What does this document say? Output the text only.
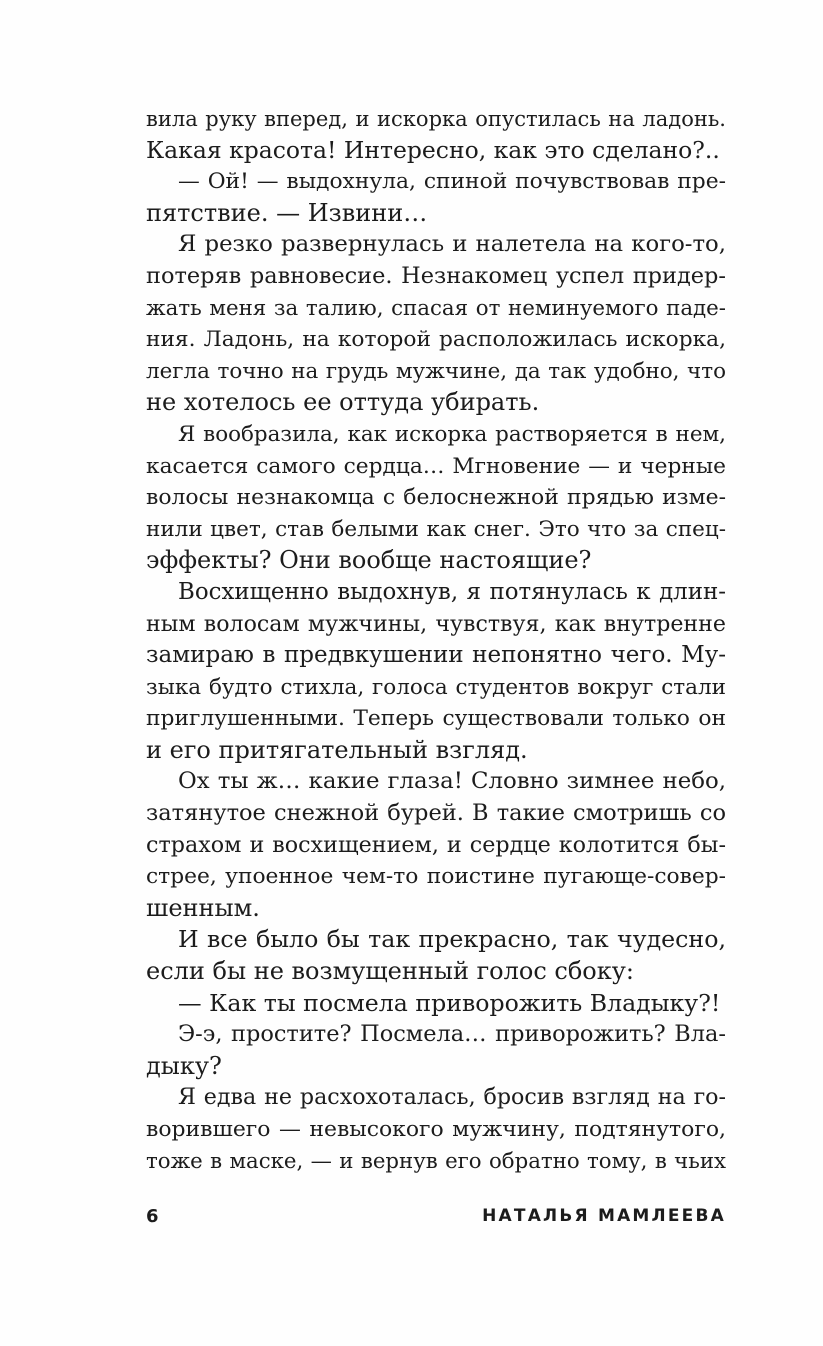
вила руку вперед, и искорка опустилась на ладонь.
Какая красота! Интересно, как это сделано?..
— Ой! — выдохнула, спиной почувствовав пре-
пятствие. — Извини…
Я резко развернулась и налетела на кого-то,
потеряв равновесие. Незнакомец успел придер-
жать меня за талию, спасая от неминуемого паде-
ния. Ладонь, на которой расположилась искорка,
легла точно на грудь мужчине, да так удобно, что
не хотелось ее оттуда убирать.
Я вообразила, как искорка растворяется в нем,
касается самого сердца… Мгновение — и черные
волосы незнакомца с белоснежной прядью изме-
нили цвет, став белыми как снег. Это что за спец-
эффекты? Они вообще настоящие?
Восхищенно выдохнув, я потянулась к длин-
ным волосам мужчины, чувствуя, как внутренне
замираю в предвкушении непонятно чего. Му-
зыка будто стихла, голоса студентов вокруг стали
приглушенными. Теперь существовали только он
и его притягательный взгляд.
Ох ты ж… какие глаза! Словно зимнее небо,
затянутое снежной бурей. В такие смотришь со
страхом и восхищением, и сердце колотится бы-
стрее, упоенное чем-то поистине пугающе-совер-
шенным.
И все было бы так прекрасно, так чудесно,
если бы не возмущенный голос сбоку:
— Как ты посмела приворожить Владыку?!
Э-э, простите? Посмела… приворожить? Вла-
дыку?
Я едва не расхохоталась, бросив взгляд на го-
ворившего — невысокого мужчину, подтянутого,
тоже в маске, — и вернув его обратно тому, в чьих
6	НАТАЛЬЯ МАМЛЕЕВА
